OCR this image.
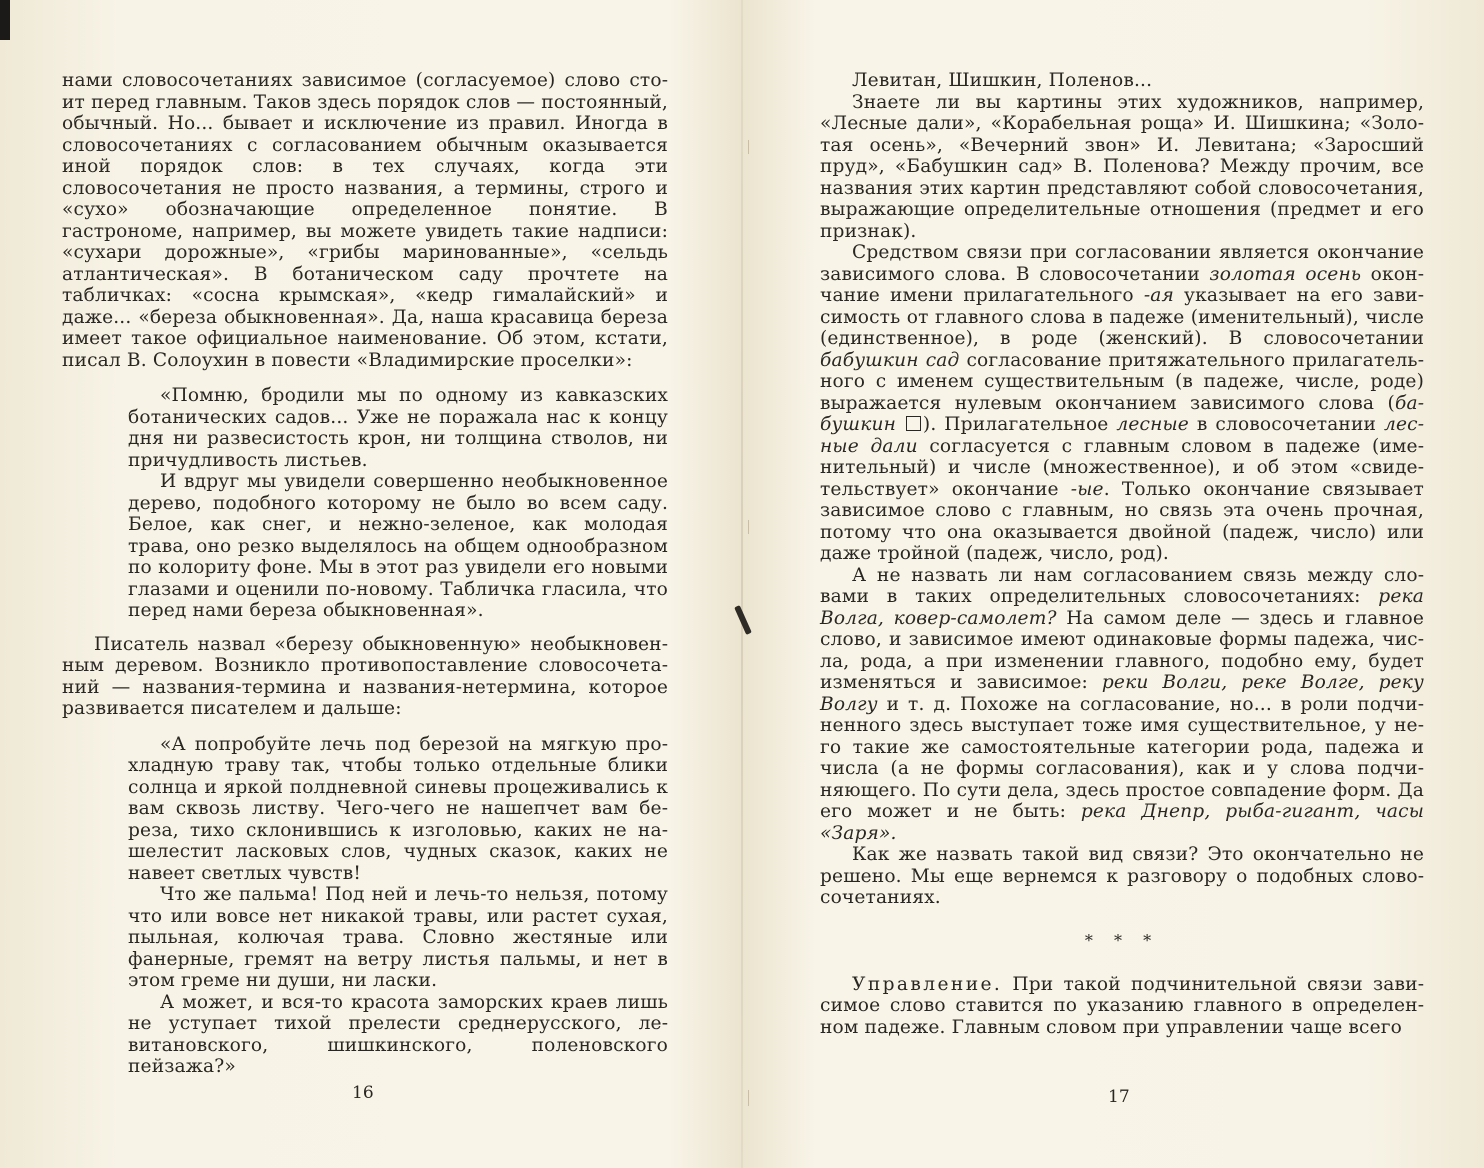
нами словосочетаниях зависимое (согласуемое) слово стоит перед главным. Таков здесь порядок слов — постоянный, обычный. Но... бывает и исключение из правил. Иногда в словосочетаниях с согласованием обычным оказывается иной порядок слов: в тех случаях, когда эти словосочетания не просто названия, а термины, строго и «сухо» обозначающие определенное понятие. В гастрономе, например, вы можете увидеть такие надписи: «сухари дорожные», «грибы маринованные», «сельдь атлантическая». В ботаническом саду прочтете на табличках: «сосна крымская», «кедр гималайский» и даже... «береза обыкновенная». Да, наша красавица береза имеет такое официальное наименование. Об этом, кстати, писал В. Солоухин в повести «Владимирские проселки»:

«Помню, бродили мы по одному из кавказских ботанических садов... Уже не поражала нас к концу дня ни развесистость крон, ни толщина стволов, ни причудливость листьев.

И вдруг мы увидели совершенно необыкновенное дерево, подобного которому не было во всем саду. Белое, как снег, и нежно-зеленое, как молодая трава, оно резко выделялось на общем однообразном по колориту фоне. Мы в этот раз увидели его новыми глазами и оценили по-новому. Табличка гласила, что перед нами береза обыкновенная».

Писатель назвал «березу обыкновенную» необыкновенным деревом. Возникло противопоставление словосочетаний — названия-термина и названия-нетермина, которое развивается писателем и дальше:

«А попробуйте лечь под березой на мягкую прохладную траву так, чтобы только отдельные блики солнца и яркой полдневной синевы процеживались к вам сквозь листву. Чего-чего не нашепчет вам береза, тихо склонившись к изголовью, каких не нашелестит ласковых слов, чудных сказок, каких не навеет светлых чувств!

Что же пальма! Под ней и лечь-то нельзя, потому что или вовсе нет никакой травы, или растет сухая, пыльная, колючая трава. Словно жестяные или фанерные, гремят на ветру листья пальмы, и нет в этом греме ни души, ни ласки.

А может, и вся-то красота заморских краев лишь не уступает тихой прелести среднерусского, левитановского, шишкинского, поленовского пейзажа?»

16

Левитан, Шишкин, Поленов...

Знаете ли вы картины этих художников, например, «Лесные дали», «Корабельная роща» И. Шишкина; «Золотая осень», «Вечерний звон» И. Левитана; «Заросший пруд», «Бабушкин сад» В. Поленова? Между прочим, все названия этих картин представляют собой словосочетания, выражающие определительные отношения (предмет и его признак).

Средством связи при согласовании является окончание зависимого слова. В словосочетании золотая осень окончание имени прилагательного -ая указывает на его зависимость от главного слова в падеже (именительный), числе (единственное), в роде (женский). В словосочетании бабушкин сад согласование притяжательного прилагательного с именем существительным (в падеже, числе, роде) выражается нулевым окончанием зависимого слова (бабушкин ). Прилагательное лесные в словосочетании лесные дали согласуется с главным словом в падеже (именительный) и числе (множественное), и об этом «свидетельствует» окончание -ые. Только окончание связывает зависимое слово с главным, но связь эта очень прочная, потому что она оказывается двойной (падеж, число) или даже тройной (падеж, число, род).

А не назвать ли нам согласованием связь между словами в таких определительных словосочетаниях: река Волга, ковер-самолет? На самом деле — здесь и главное слово, и зависимое имеют одинаковые формы падежа, числа, рода, а при изменении главного, подобно ему, будет изменяться и зависимое: реки Волги, реке Волге, реку Волгу и т. д. Похоже на согласование, но... в роли подчиненного здесь выступает тоже имя существительное, у него такие же самостоятельные категории рода, падежа и числа (а не формы согласования), как и у слова подчиняющего. По сути дела, здесь простое совпадение форм. Да его может и не быть: река Днепр, рыба-гигант, часы «Заря».

Как же назвать такой вид связи? Это окончательно не решено. Мы еще вернемся к разговору о подобных словосочетаниях.

* * *

Управление. При такой подчинительной связи зависимое слово ставится по указанию главного в определенном падеже. Главным словом при управлении чаще всего

17
